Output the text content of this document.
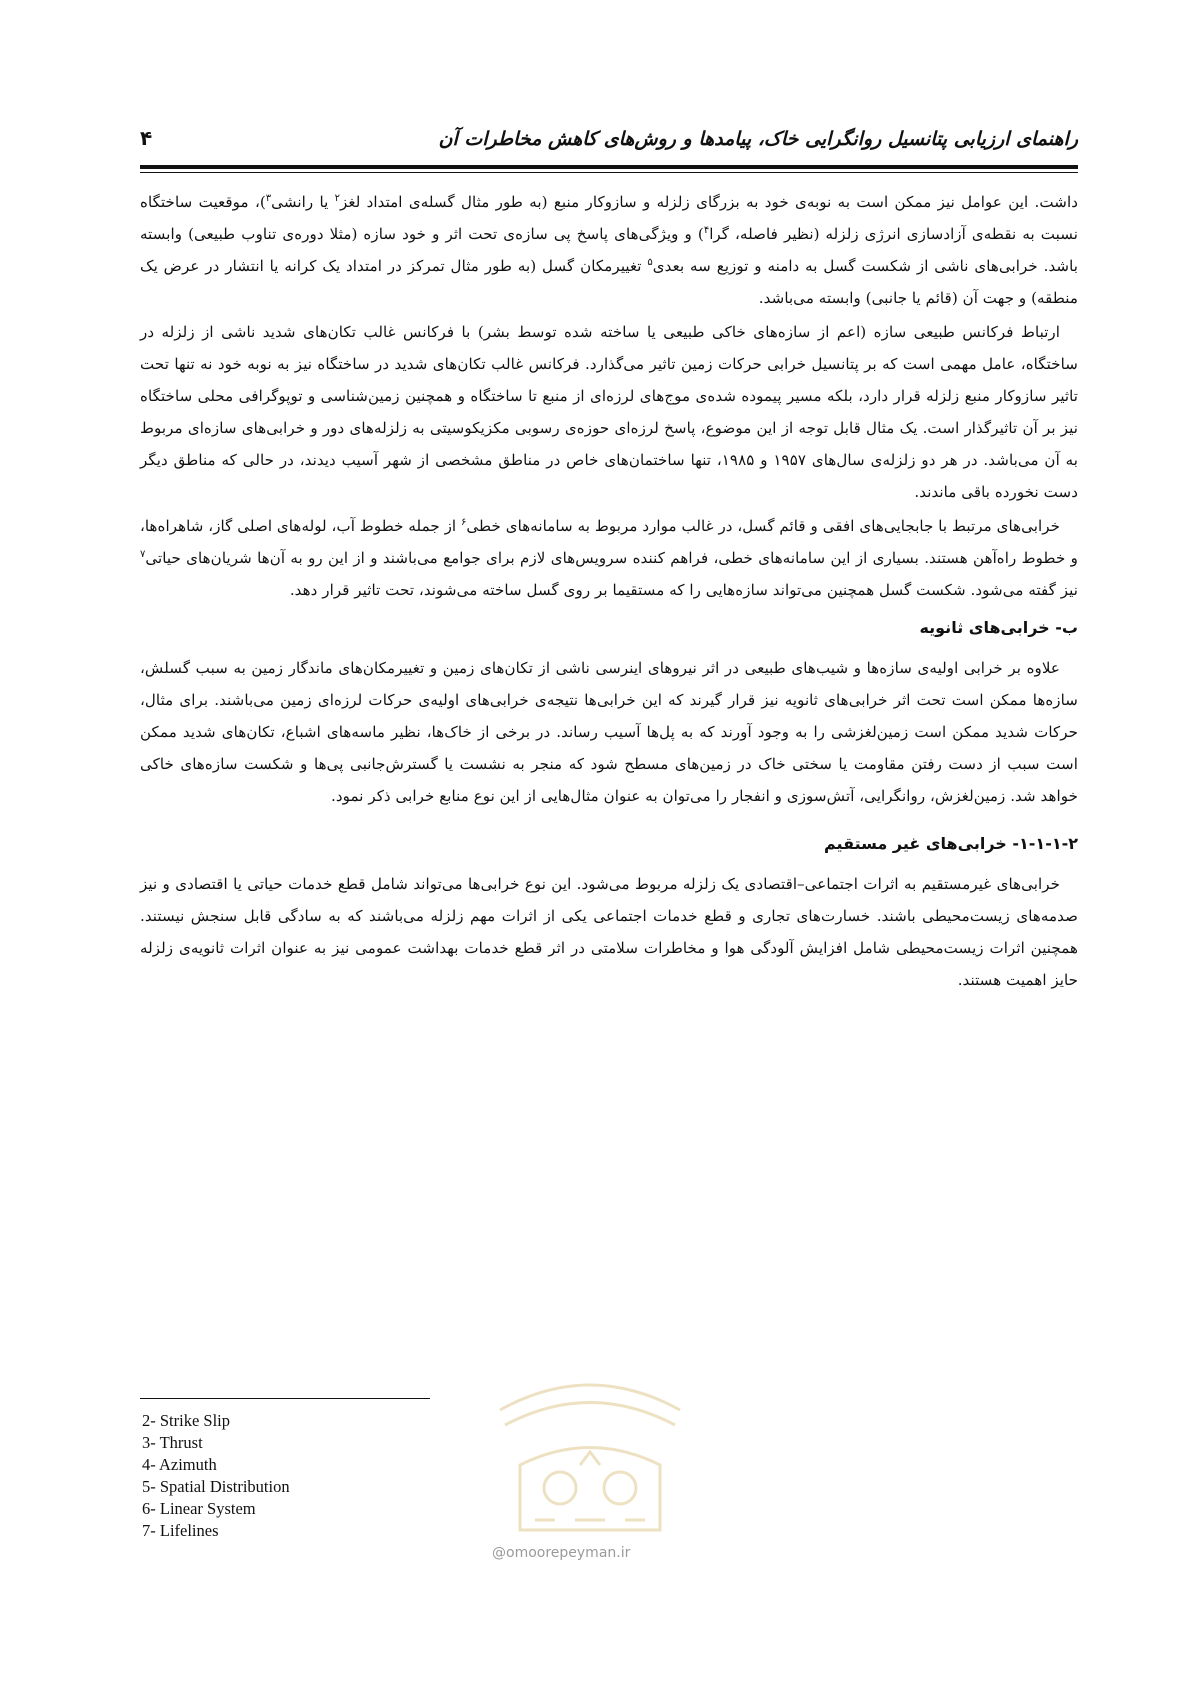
راهنمای ارزیابی پتانسیل روانگرایی خاک، پیامدها و روش‌های کاهش مخاطرات آن
۴

داشت. این عوامل نیز ممکن است به نوبه‌ی خود به بزرگای زلزله و سازوکار منبع (به طور مثال گسله‌ی امتداد لغز$^۲$ یا رانشی$^۳$)، موقعیت ساختگاه نسبت به نقطه‌ی آزادسازی انرژی زلزله (نظیر فاصله، گرا$^۴$) و ویژگی‌های پاسخ پی سازه‌ی تحت اثر و خود سازه (مثلا دوره‌ی تناوب طبیعی) وابسته باشد. خرابی‌های ناشی از شکست گسل به دامنه و توزیع سه بعدی$^۵$ تغییرمکان گسل (به طور مثال تمرکز در امتداد یک کرانه یا انتشار در عرض یک منطقه) و جهت آن (قائم یا جانبی) وابسته می‌باشد.

ارتباط فرکانس طبیعی سازه (اعم از سازه‌های خاکی طبیعی یا ساخته شده توسط بشر) با فرکانس غالب تکان‌های شدید ناشی از زلزله در ساختگاه، عامل مهمی است که بر پتانسیل خرابی حرکات زمین تاثیر می‌گذارد. فرکانس غالب تکان‌های شدید در ساختگاه نیز به نوبه خود نه تنها تحت تاثیر سازوکار منبع زلزله قرار دارد، بلکه مسیر پیموده شده‌ی موج‌های لرزه‌ای از منبع تا ساختگاه و همچنین زمین‌شناسی و توپوگرافی محلی ساختگاه نیز بر آن تاثیرگذار است. یک مثال قابل توجه از این موضوع، پاسخ لرزه‌ای حوزه‌ی رسوبی مکزیکوسیتی به زلزله‌های دور و خرابی‌های سازه‌ای مربوط به آن می‌باشد. در هر دو زلزله‌ی سال‌های ۱۹۵۷ و ۱۹۸۵، تنها ساختمان‌های خاص در مناطق مشخصی از شهر آسیب دیدند، در حالی که مناطق دیگر دست نخورده باقی ماندند.

خرابی‌های مرتبط با جابجایی‌های افقی و قائم گسل، در غالب موارد مربوط به سامانه‌های خطی$^۶$ از جمله خطوط آب، لوله‌های اصلی گاز، شاهراه‌ها، و خطوط راه‌آهن هستند. بسیاری از این سامانه‌های خطی، فراهم کننده سرویس‌های لازم برای جوامع می‌باشند و از این رو به آن‌ها شریان‌های حیاتی$^۷$ نیز گفته می‌شود. شکست گسل همچنین می‌تواند سازه‌هایی را که مستقیما بر روی گسل ساخته می‌شوند، تحت تاثیر قرار دهد.

ب- خرابی‌های ثانویه

علاوه بر خرابی اولیه‌ی سازه‌ها و شیب‌های طبیعی در اثر نیروهای اینرسی ناشی از تکان‌های زمین و تغییرمکان‌های ماندگار زمین به سبب گسلش، سازه‌ها ممکن است تحت اثر خرابی‌های ثانویه نیز قرار گیرند که این خرابی‌ها نتیجه‌ی خرابی‌های اولیه‌ی حرکات لرزه‌ای زمین می‌باشند. برای مثال، حرکات شدید ممکن است زمین‌لغزشی را به وجود آورند که به پل‌ها آسیب رساند. در برخی از خاک‌ها، نظیر ماسه‌های اشباع، تکان‌های شدید ممکن است سبب از دست رفتن مقاومت یا سختی خاک در زمین‌های مسطح شود که منجر به نشست یا گسترش‌جانبی پی‌ها و شکست سازه‌های خاکی خواهد شد. زمین‌لغزش، روانگرایی، آتش‌سوزی و انفجار را می‌توان به عنوان مثال‌هایی از این نوع منابع خرابی ذکر نمود.

۱-۱-۱-۲- خرابی‌های غیر مستقیم

خرابی‌های غیرمستقیم به اثرات اجتماعی–اقتصادی یک زلزله مربوط می‌شود. این نوع خرابی‌ها می‌تواند شامل قطع خدمات حیاتی یا اقتصادی و نیز صدمه‌های زیست‌محیطی باشند. خسارت‌های تجاری و قطع خدمات اجتماعی یکی از اثرات مهم زلزله می‌باشند که به سادگی قابل سنجش نیستند. همچنین اثرات زیست‌محیطی شامل افزایش آلودگی هوا و مخاطرات سلامتی در اثر قطع خدمات بهداشت عمومی نیز به عنوان اثرات ثانویه‌ی زلزله حایز اهمیت هستند.

2- Strike Slip
3- Thrust
4- Azimuth
5- Spatial Distribution
6- Linear System
7- Lifelines
@omoorepeyman.ir
